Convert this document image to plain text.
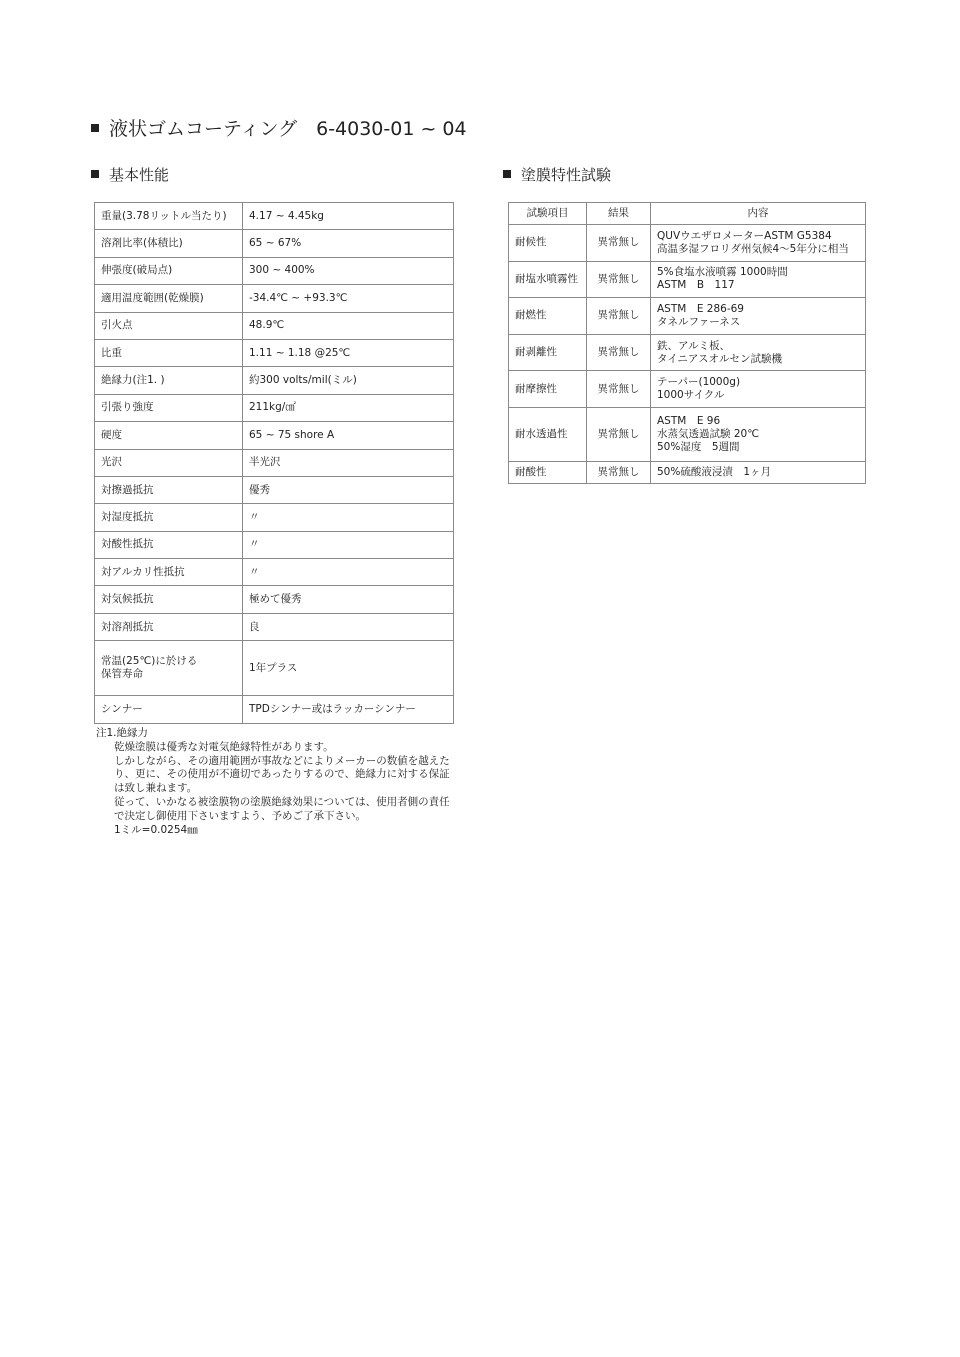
液状ゴムコーティング　6-4030-01 ~ 04
基本性能	塗膜特性試験
重量(3.78リットル当たり)	4.17 ~ 4.45kg
溶剤比率(体積比)	65 ~ 67%
伸張度(破局点)	300 ~ 400%
適用温度範囲(乾燥膜)	-34.4℃ ~ +93.3℃
引火点	48.9℃
比重	1.11 ~ 1.18 @25℃
絶縁力(注1. )	約300 volts/mil(ミル)
引張り強度	211kg/㎠
硬度	65 ~ 75 shore A
光沢	半光沢
対擦過抵抗	優秀
対湿度抵抗	〃
対酸性抵抗	〃
対アルカリ性抵抗	〃
対気候抵抗	極めて優秀
対溶剤抵抗	良
常温(25℃)に於ける
保管寿命	1年プラス
シンナー	TPDシンナー或はラッカーシンナー
試験項目	結果	内容
耐候性	異常無し	QUVウエザロメーターASTM G5384
高温多湿フロリダ州気候4～5年分に相当
耐塩水噴霧性	異常無し	5%食塩水液噴霧 1000時間
ASTM　B　117
耐燃性	異常無し	ASTM　E 286-69
タネルファーネス
耐剥離性	異常無し	鉄、アルミ板、
タイニアスオルセン試験機
耐摩擦性	異常無し	テーパー(1000g)
1000サイクル
耐水透過性	異常無し	ASTM　E 96
水蒸気透過試験 20℃
50%湿度　5週間
耐酸性	異常無し	50%硫酸液浸漬　1ヶ月

注1.絶縁力

乾燥塗膜は優秀な対電気絶縁特性があります。

しかしながら、その適用範囲が事故などによりメーカーの数値を越えたり、更に、その使用が不適切であったりするので、絶縁力に対する保証は致し兼ねます。

従って、いかなる被塗膜物の塗膜絶縁効果については、使用者側の責任で決定し御使用下さいますよう、予めご了承下さい。

1ミル=0.0254㎜
